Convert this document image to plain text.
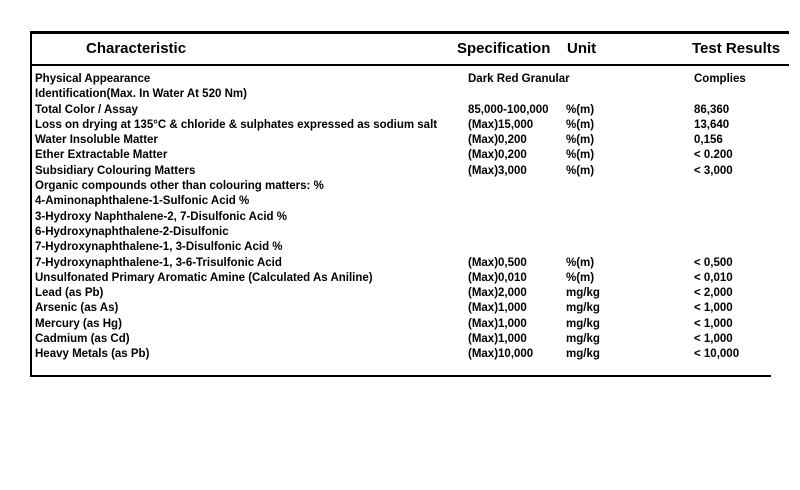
Characteristic	Specification Unit	Test Results
Physical Appearance	Dark Red Granular	Complies
Identification(Max. In Water At 520 Nm)
Total Color / Assay	85,000-100,000	%(m)	86,360
Loss on drying at 135°C & chloride & sulphates expressed as sodium salt	(Max)15,000	%(m)	13,640
Water Insoluble Matter	(Max)0,200	%(m)	0,156
Ether Extractable Matter	(Max)0,200	%(m)	< 0.200
Subsidiary Colouring Matters	(Max)3,000	%(m)	< 3,000
Organic compounds other than colouring matters: %
4-Aminonaphthalene-1-Sulfonic Acid %
3-Hydroxy Naphthalene-2, 7-Disulfonic Acid %
6-Hydroxynaphthalene-2-Disulfonic
7-Hydroxynaphthalene-1, 3-Disulfonic Acid %
7-Hydroxynaphthalene-1, 3-6-Trisulfonic Acid	(Max)0,500	%(m)	< 0,500
Unsulfonated Primary Aromatic Amine (Calculated As Aniline)	(Max)0,010	%(m)	< 0,010
Lead (as Pb)	(Max)2,000	mg/kg	< 2,000
Arsenic (as As)	(Max)1,000	mg/kg	< 1,000
Mercury (as Hg)	(Max)1,000	mg/kg	< 1,000
Cadmium (as Cd)	(Max)1,000	mg/kg	< 1,000
Heavy Metals (as Pb)	(Max)10,000	mg/kg	< 10,000
